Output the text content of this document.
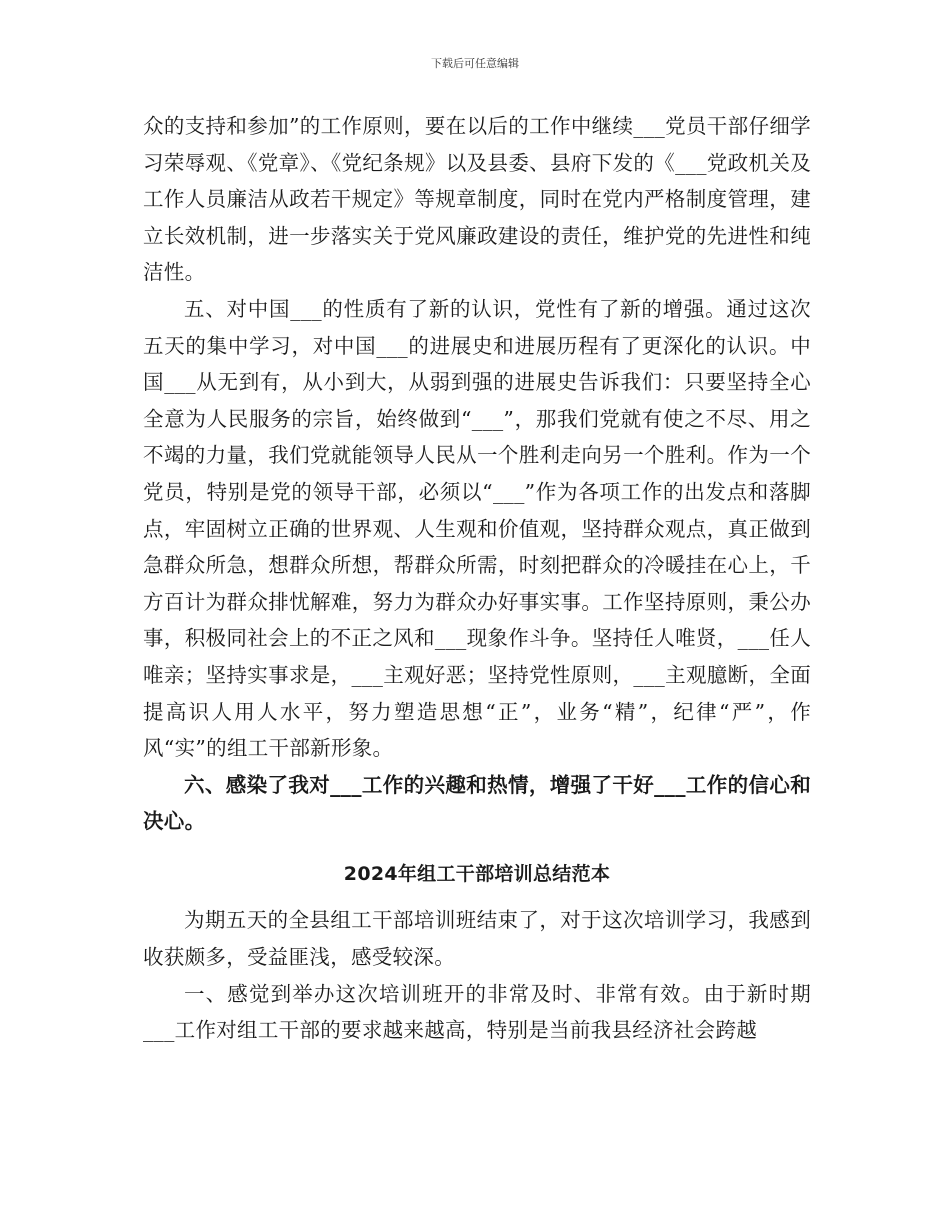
下载后可任意编辑

众的支持和参加”的工作原则，要在以后的工作中继续___党员干部仔细学习荣辱观、《党章》、《党纪条规》以及县委、县府下发的《___党政机关及工作人员廉洁从政若干规定》等规章制度，同时在党内严格制度管理，建立长效机制，进一步落实关于党风廉政建设的责任，维护党的先进性和纯洁性。

五、对中国___的性质有了新的认识，党性有了新的增强。通过这次五天的集中学习，对中国___的进展史和进展历程有了更深化的认识。中国___从无到有，从小到大，从弱到强的进展史告诉我们：只要坚持全心全意为人民服务的宗旨，始终做到“___”，那我们党就有使之不尽、用之不竭的力量，我们党就能领导人民从一个胜利走向另一个胜利。作为一个党员，特别是党的领导干部，必须以“___”作为各项工作的出发点和落脚点，牢固树立正确的世界观、人生观和价值观，坚持群众观点，真正做到急群众所急，想群众所想，帮群众所需，时刻把群众的冷暖挂在心上，千方百计为群众排忧解难，努力为群众办好事实事。工作坚持原则，秉公办事，积极同社会上的不正之风和___现象作斗争。坚持任人唯贤，___任人唯亲；坚持实事求是，___主观好恶；坚持党性原则，___主观臆断，全面提高识人用人水平，努力塑造思想“正”，业务“精”，纪律“严”，作风“实”的组工干部新形象。

六、感染了我对___工作的兴趣和热情，增强了干好___工作的信心和决心。

2024年组工干部培训总结范本

为期五天的全县组工干部培训班结束了，对于这次培训学习，我感到收获颇多，受益匪浅，感受较深。

一、感觉到举办这次培训班开的非常及时、非常有效。由于新时期___工作对组工干部的要求越来越高，特别是当前我县经济社会跨越
